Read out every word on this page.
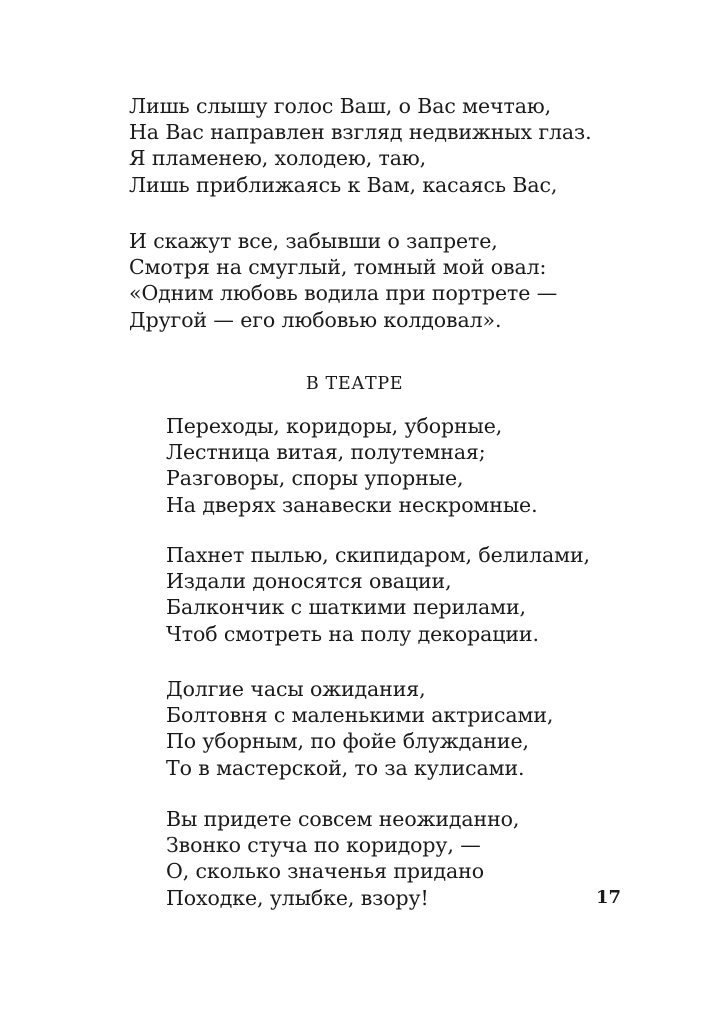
Лишь слышу голос Ваш, о Вас мечтаю,
На Вас направлен взгляд недвижных глаз.
Я пламенею, холодею, таю,
Лишь приближаясь к Вам, касаясь Вас,
И скажут все, забывши о запрете,
Смотря на смуглый, томный мой овал:
«Одним любовь водила при портрете —
Другой — его любовью колдовал».
В ТЕАТРЕ
Переходы, коридоры, уборные,
Лестница витая, полутемная;
Разговоры, споры упорные,
На дверях занавески нескромные.
Пахнет пылью, скипидаром, белилами,
Издали доносятся овации,
Балкончик с шаткими перилами,
Чтоб смотреть на полу декорации.
Долгие часы ожидания,
Болтовня с маленькими актрисами,
По уборным, по фойе блуждание,
То в мастерской, то за кулисами.
Вы придете совсем неожиданно,
Звонко стуча по коридору, —
О, сколько значенья придано
Походке, улыбке, взору!	17
